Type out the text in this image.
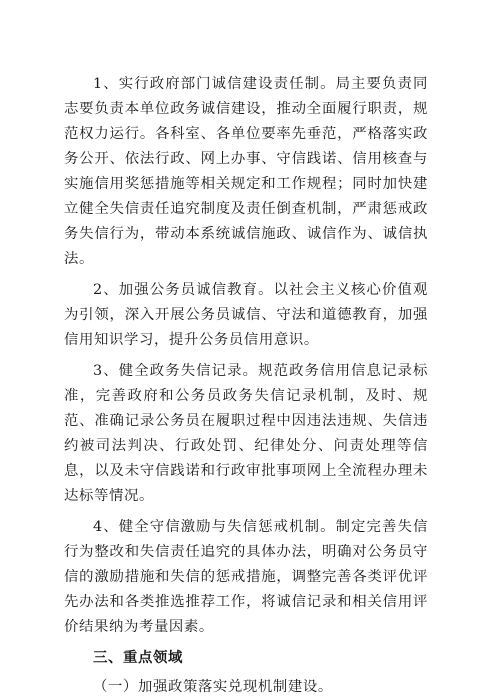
1、实行政府部门诚信建设责任制。局主要负责同志要负责本单位政务诚信建设，推动全面履行职责，规范权力运行。各科室、各单位要率先垂范，严格落实政务公开、依法行政、网上办事、守信践诺、信用核查与实施信用奖惩措施等相关规定和工作规程；同时加快建立健全失信责任追究制度及责任倒查机制，严肃惩戒政务失信行为，带动本系统诚信施政、诚信作为、诚信执法。

2、加强公务员诚信教育。以社会主义核心价值观为引领，深入开展公务员诚信、守法和道德教育，加强信用知识学习，提升公务员信用意识。

3、健全政务失信记录。规范政务信用信息记录标准，完善政府和公务员政务失信记录机制，及时、规范、准确记录公务员在履职过程中因违法违规、失信违约被司法判决、行政处罚、纪律处分、问责处理等信息，以及未守信践诺和行政审批事项网上全流程办理未达标等情况。

4、健全守信激励与失信惩戒机制。制定完善失信行为整改和失信责任追究的具体办法，明确对公务员守信的激励措施和失信的惩戒措施，调整完善各类评优评先办法和各类推选推荐工作，将诚信记录和相关信用评价结果纳为考量因素。

三、重点领域

（一）加强政策落实兑现机制建设。
